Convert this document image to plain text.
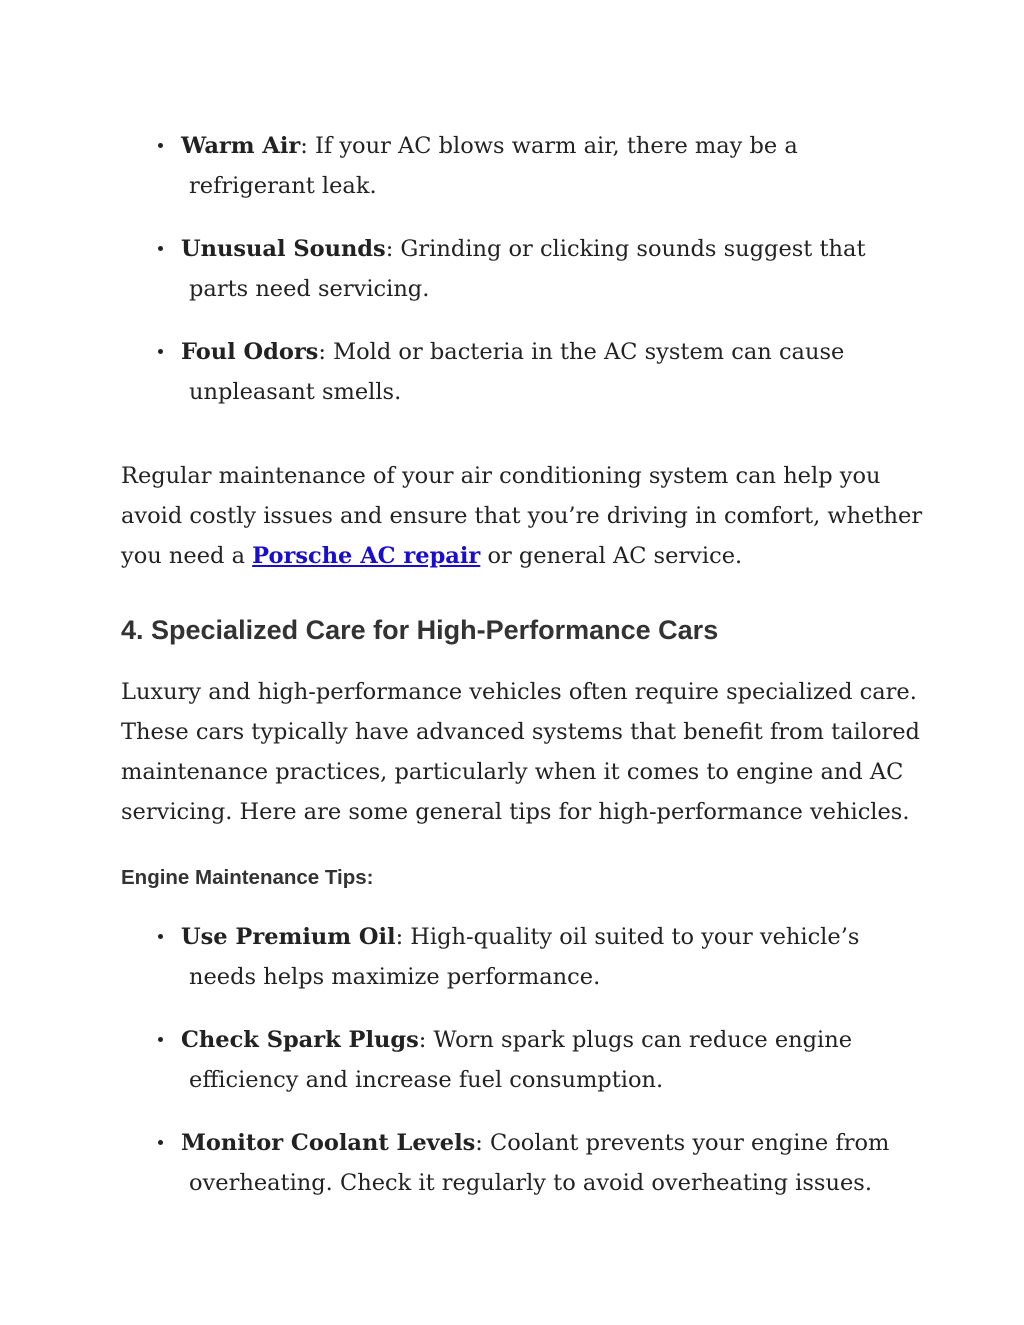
Warm Air: If your AC blows warm air, there may be a
refrigerant leak.
Unusual Sounds: Grinding or clicking sounds suggest that
parts need servicing.
Foul Odors: Mold or bacteria in the AC system can cause
unpleasant smells.

Regular maintenance of your air conditioning system can help you
avoid costly issues and ensure that you’re driving in comfort, whether
you need a Porsche AC repair or general AC service.

4. Specialized Care for High-Performance Cars

Luxury and high-performance vehicles often require specialized care.
These cars typically have advanced systems that benefit from tailored
maintenance practices, particularly when it comes to engine and AC
servicing. Here are some general tips for high-performance vehicles.

Engine Maintenance Tips:
Use Premium Oil: High-quality oil suited to your vehicle’s
needs helps maximize performance.
Check Spark Plugs: Worn spark plugs can reduce engine
efficiency and increase fuel consumption.
Monitor Coolant Levels: Coolant prevents your engine from
overheating. Check it regularly to avoid overheating issues.
